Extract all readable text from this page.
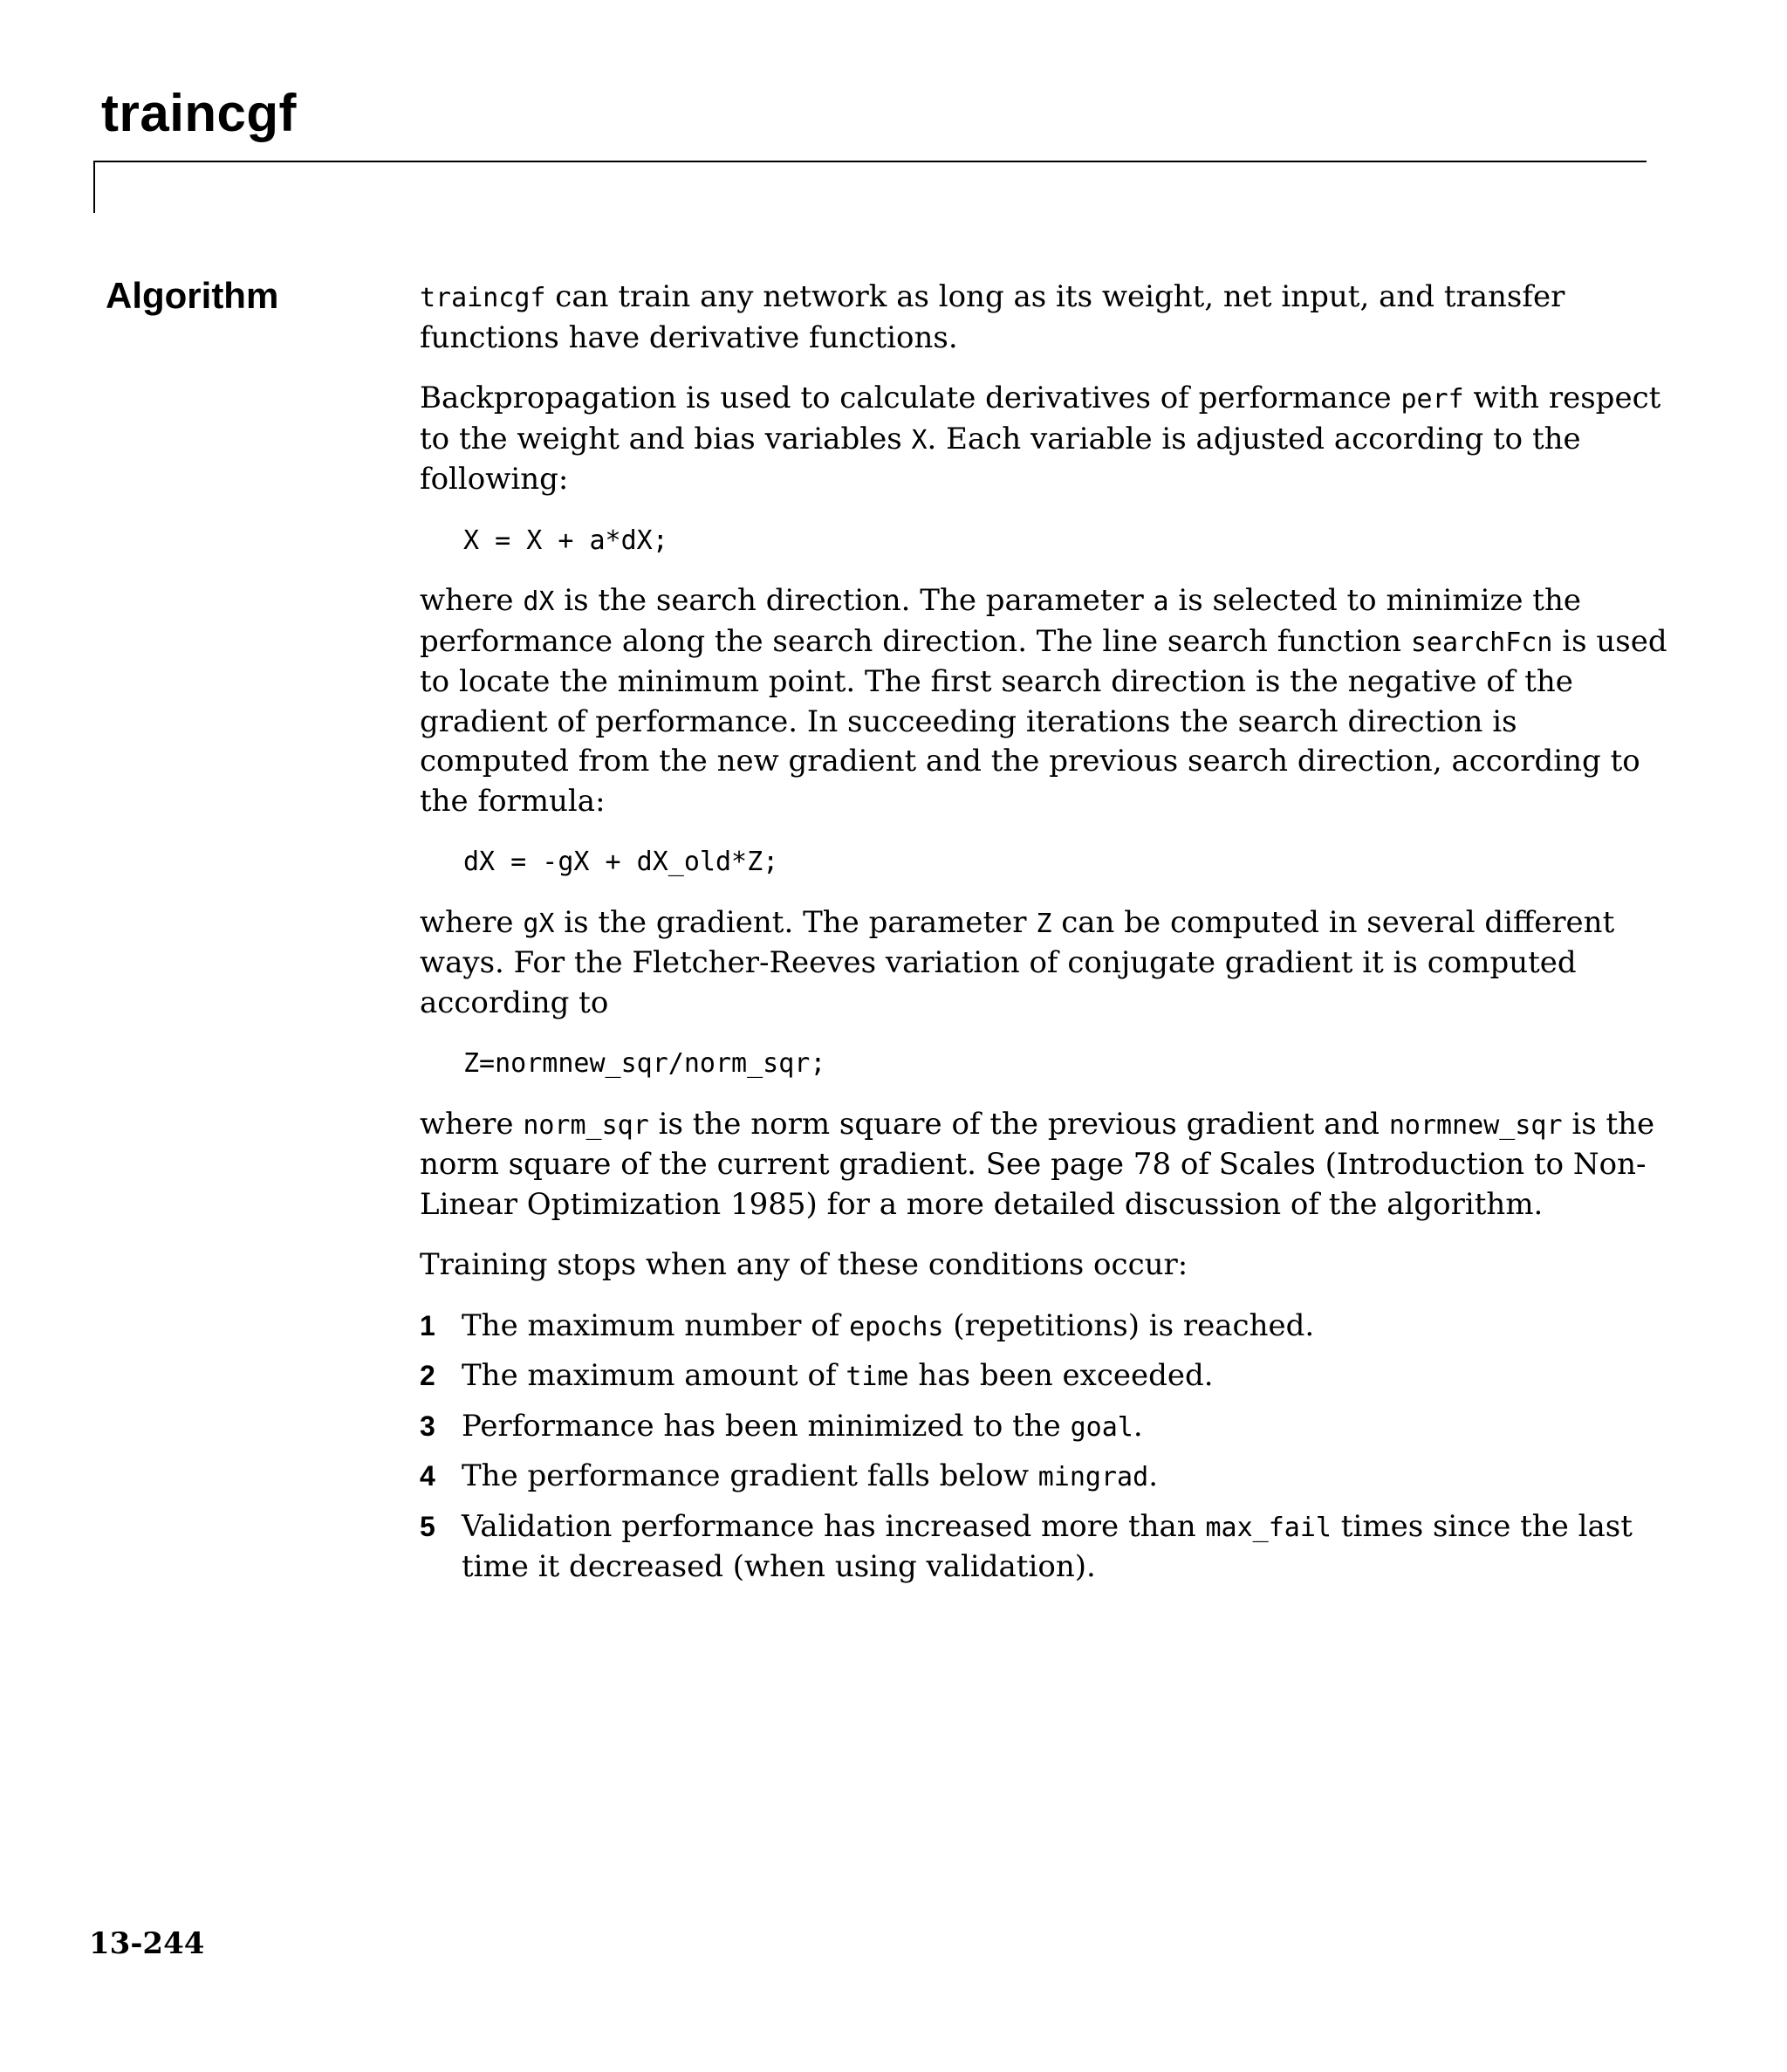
traincgf
Algorithm	traincgf can train any network as long as its weight, net input, and transfer functions have derivative functions.

Backpropagation is used to calculate derivatives of performance perf with respect to the weight and bias variables X. Each variable is adjusted according to the following:

X = X + a*dX;

where dX is the search direction. The parameter a is selected to minimize the performance along the search direction. The line search function searchFcn is used to locate the minimum point. The first search direction is the negative of the gradient of performance. In succeeding iterations the search direction is computed from the new gradient and the previous search direction, according to the formula:

dX = -gX + dX_old*Z;

where gX is the gradient. The parameter Z can be computed in several different ways. For the Fletcher-Reeves variation of conjugate gradient it is computed according to

Z=normnew_sqr/norm_sqr;

where norm_sqr is the norm square of the previous gradient and normnew_sqr is the norm square of the current gradient. See page 78 of Scales (Introduction to Non-Linear Optimization 1985) for a more detailed discussion of the algorithm.

Training stops when any of these conditions occur:

1 The maximum number of epochs (repetitions) is reached.
2 The maximum amount of time has been exceeded.
3 Performance has been minimized to the goal.
4 The performance gradient falls below mingrad.
5 Validation performance has increased more than max_fail times since the last time it decreased (when using validation).
13-244
